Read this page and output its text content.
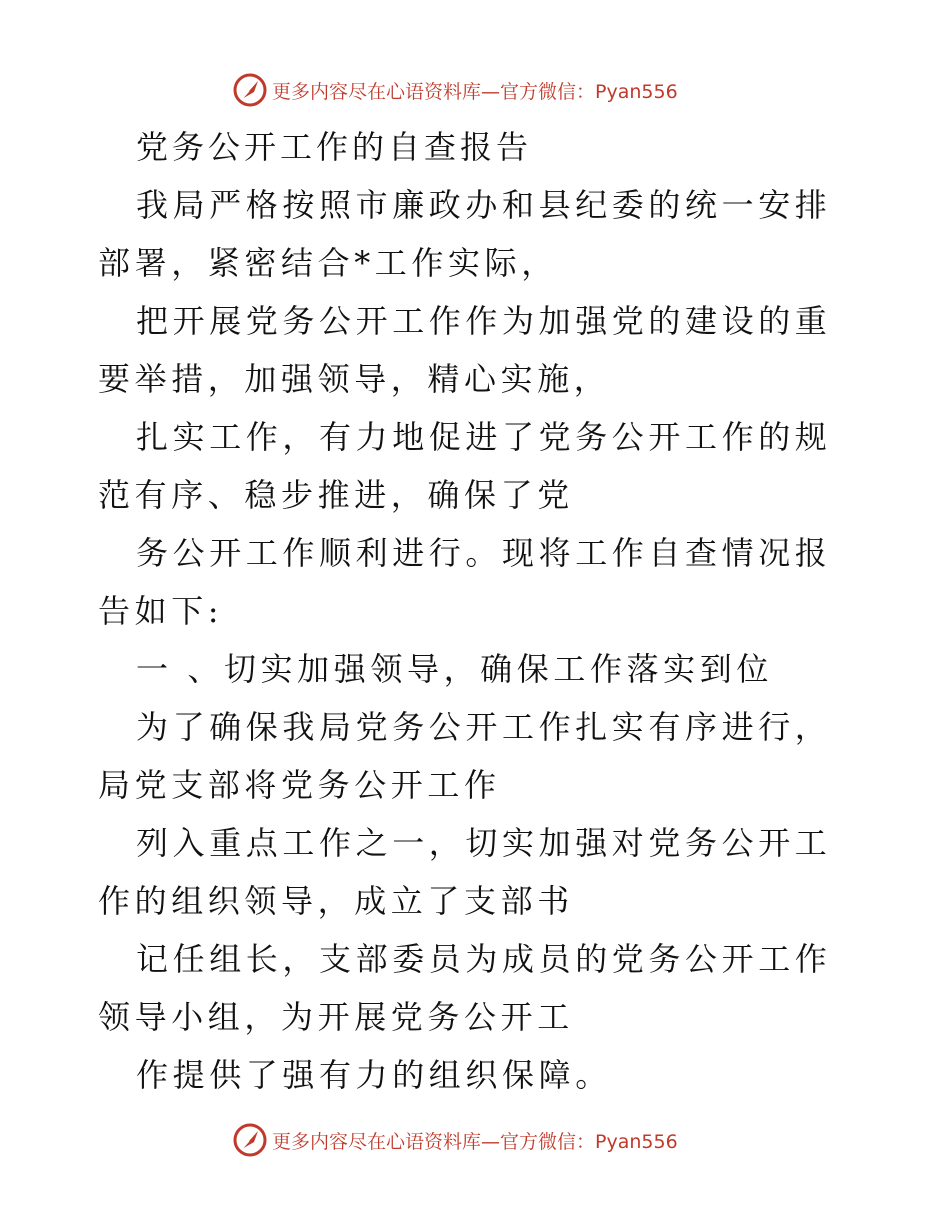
更多内容尽在心语资料库—官方微信：Pyan556

党务公开工作的自查报告

我局严格按照市廉政办和县纪委的统一安排部署，紧密结合*工作实际，

把开展党务公开工作作为加强党的建设的重要举措，加强领导，精心实施，

扎实工作，有力地促进了党务公开工作的规范有序、稳步推进，确保了党

务公开工作顺利进行。现将工作自查情况报告如下:

一 、切实加强领导，确保工作落实到位

为了确保我局党务公开工作扎实有序进行，局党支部将党务公开工作

列入重点工作之一，切实加强对党务公开工作的组织领导，成立了支部书

记任组长，支部委员为成员的党务公开工作领导小组，为开展党务公开工

作提供了强有力的组织保障。

更多内容尽在心语资料库—官方微信：Pyan556
